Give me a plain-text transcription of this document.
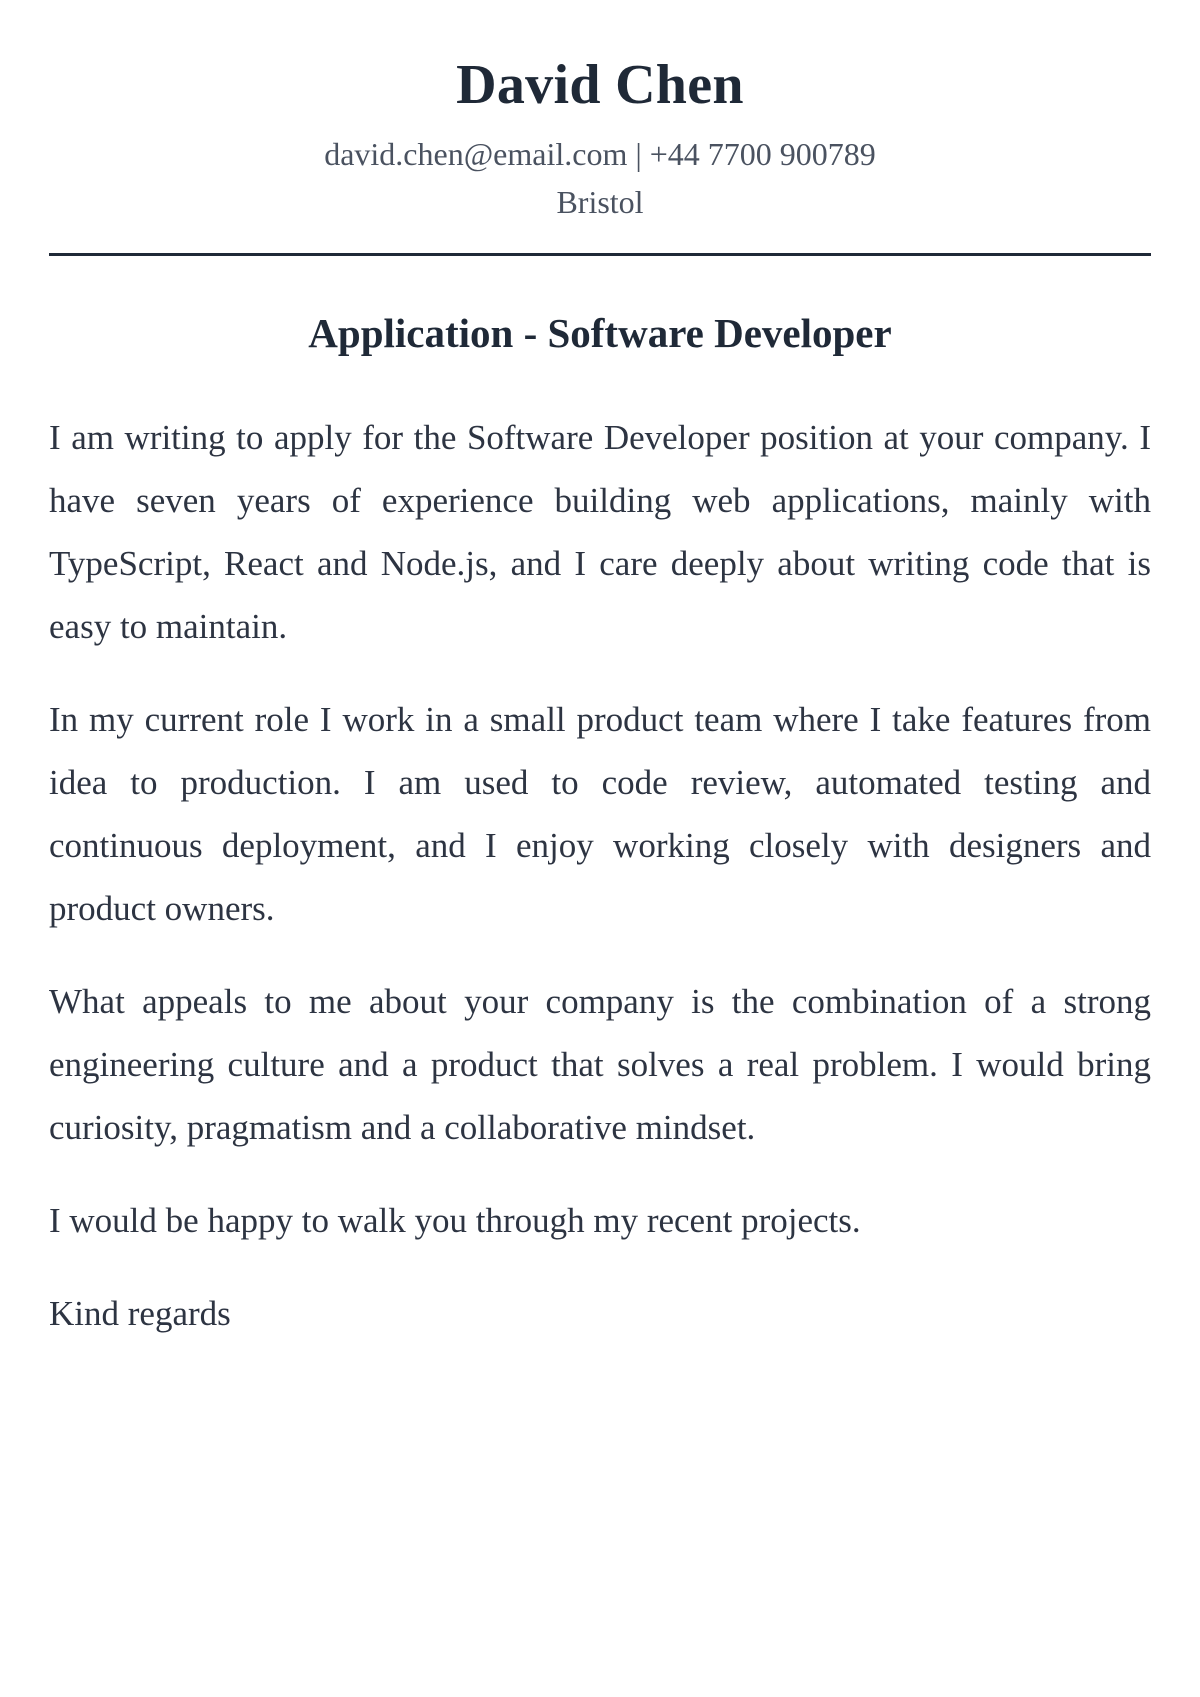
David Chen
david.chen@email.com | +44 7700 900789
Bristol
Application - Software Developer

I am writing to apply for the Software Developer position at your company. I have seven years of experience building web applications, mainly with TypeScript, React and Node.js, and I care deeply about writing code that is easy to maintain.

In my current role I work in a small product team where I take features from idea to production. I am used to code review, automated testing and continuous deployment, and I enjoy working closely with designers and product owners.

What appeals to me about your company is the combination of a strong engineering culture and a product that solves a real problem. I would bring curiosity, pragmatism and a collaborative mindset.

I would be happy to walk you through my recent projects.

Kind regards
